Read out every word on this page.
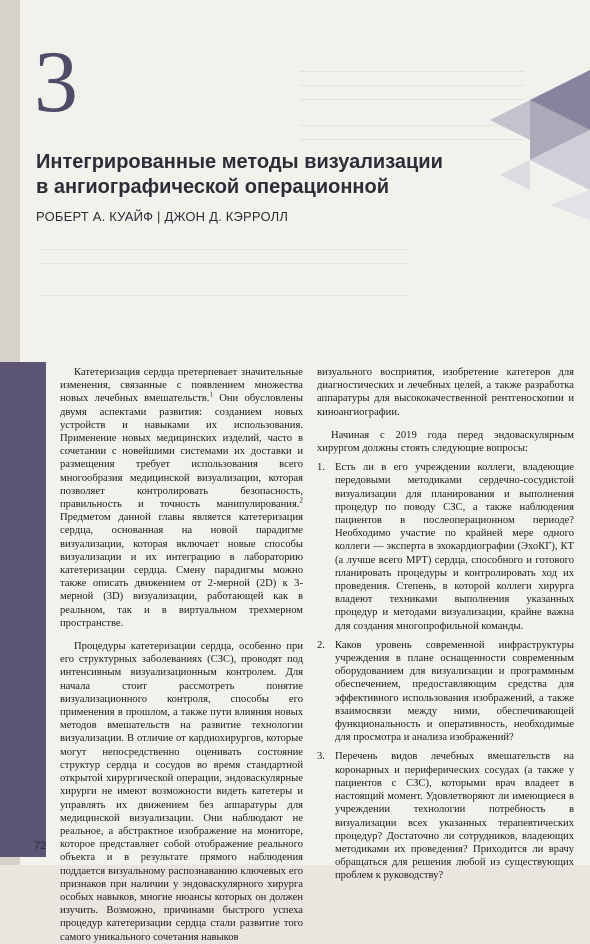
————————————————————————————
————————————————————————————
————————————————————————————
————————————————————————————
————————————————————————————
——————————————————————————————————————————————
——————————————————————————————————————————————
——————————————————————————————————————————————
3
Интегрированные методы визуализации
в ангиографической операционной
РОБЕРТ А. КУАЙФ | ДЖОН Д. КЭРРОЛЛ

Катетеризация сердца претерпевает значительные изменения, связанные с появлением множества новых лечебных вмешательств.$^1$ Они обусловлены двумя аспектами развития: созданием новых устройств и навыками их использования. Применение новых медицинских изделий, часто в сочетании с новейшими системами их доставки и размещения требует использования всего многообразия медицинской визуализации, которая позволяет контролировать безопасность, правильность и точность манипулирования.$^2$ Предметом данной главы является катетеризация сердца, основанная на новой парадигме визуализации, которая включает новые способы визуализации и их интеграцию в лабораторию катетеризации сердца. Смену парадигмы можно также описать движением от 2-мерной (2D) к 3-мерной (3D) визуализации, работающей как в реальном, так и в виртуальном трехмерном пространстве.

Процедуры катетеризации сердца, особенно при его структурных заболеваниях (СЗС), проводят под интенсивным визуализационным контролем. Для начала стоит рассмотреть понятие визуализационного контроля, способы его применения в прошлом, а также пути влияния новых методов вмешательств на развитие технологии визуализации. В отличие от кардиохирургов, которые могут непосредственно оценивать состояние структур сердца и сосудов во время стандартной открытой хирургической операции, эндоваскулярные хирурги не имеют возможности видеть катетеры и управлять их движением без аппаратуры для медицинской визуализации. Они наблюдают не реальное, а абстрактное изображение на мониторе, которое представляет собой отображение реального объекта и в результате прямого наблюдения поддается визуальному распознаванию ключевых его признаков при наличии у эндоваскулярного хирурга особых навыков, многие нюансы которых он должен изучить. Возможно, причинами быстрого успеха процедур катетеризации сердца стали развитие того самого уникального сочетания навыков

визуального восприятия, изобретение катетеров для диагностических и лечебных целей, а также разработка аппаратуры для высококачественной рентгеноскопии и киноангиографии.

Начиная с 2019 года перед эндоваскулярным хирургом должны стоять следующие вопросы:

1. Есть ли в его учреждении коллеги, владеющие передовыми методиками сердечно-сосудистой визуализации для планирования и выполнения процедур по поводу СЗС, а также наблюдения пациентов в послеоперационном периоде? Необходимо участие по крайней мере одного коллеги — эксперта в эхокардиографии (ЭхоКГ), КТ (а лучше всего МРТ) сердца, способного и готового планировать процедуры и контролировать ход их проведения. Степень, в которой коллеги хирурга владеют техниками выполнения указанных процедур и методами визуализации, крайне важна для создания многопрофильной команды.
2. Каков уровень современной инфраструктуры учреждения в плане оснащенности современным оборудованием для визуализации и программным обеспечением, предоставляющим средства для эффективного использования изображений, а также взаимосвязи между ними, обеспечивающей функциональность и оперативность, необходимые для просмотра и анализа изображений?
3. Перечень видов лечебных вмешательств на коронарных и периферических сосудах (а также у пациентов с СЗС), которыми врач владеет в настоящий момент. Удовлетворяют ли имеющиеся в учреждении технологии потребность в визуализации всех указанных терапевтических процедур? Достаточно ли сотрудников, владеющих методиками их проведения? Приходится ли врачу обращаться для решения любой из существующих проблем к руководству?
72
